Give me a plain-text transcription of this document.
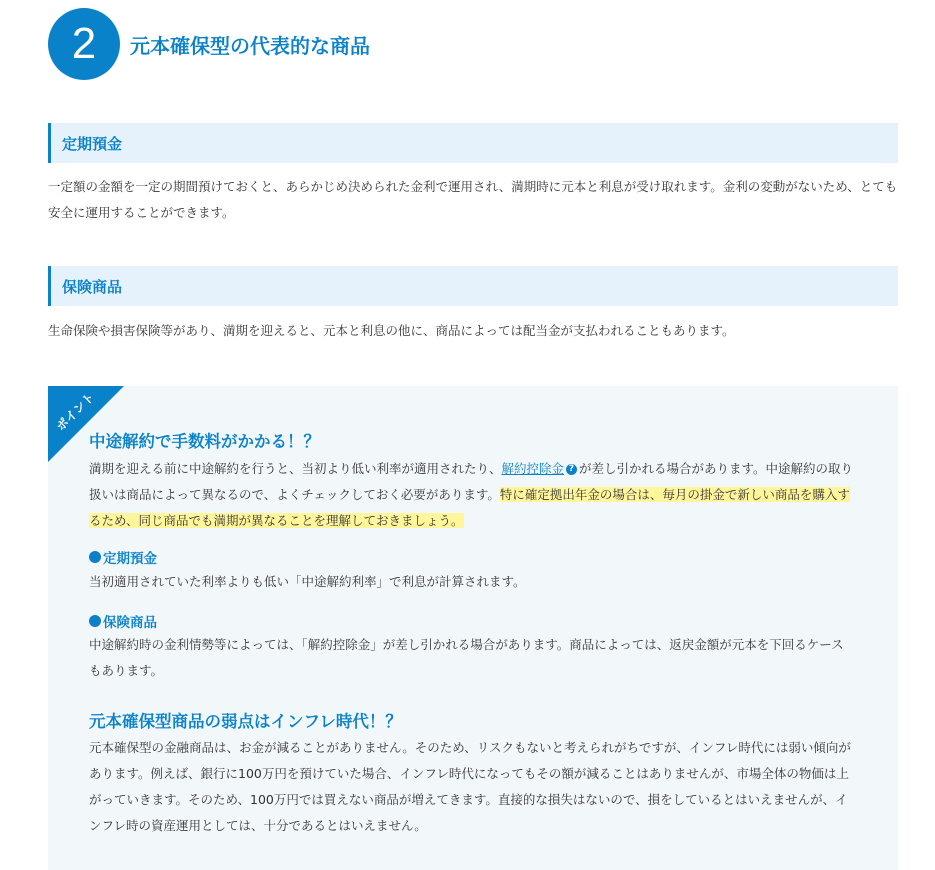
2	元本確保型の代表的な商品
定期預金
一定額の金額を一定の期間預けておくと、あらかじめ決められた金利で運用され、満期時に元本と利息が受け取れます。金利の変動がないため、とても
安全に運用することができます。
保険商品
生命保険や損害保険等があり、満期を迎えると、元本と利息の他に、商品によっては配当金が支払われることもあります。
ポイント
中途解約で手数料がかかる！？
満期を迎える前に中途解約を行うと、当初より低い利率が適用されたり、解約控除金 ? が差し引かれる場合があります。中途解約の取り
扱いは商品によって異なるので、よくチェックしておく必要があります。特に確定拠出年金の場合は、毎月の掛金で新しい商品を購入す
るため、同じ商品でも満期が異なることを理解しておきましょう。
定期預金
当初適用されていた利率よりも低い「中途解約利率」で利息が計算されます。
保険商品
中途解約時の金利情勢等によっては、「解約控除金」が差し引かれる場合があります。商品によっては、返戻金額が元本を下回るケース
もあります。
元本確保型商品の弱点はインフレ時代！？
元本確保型の金融商品は、お金が減ることがありません。そのため、リスクもないと考えられがちですが、インフレ時代には弱い傾向が
あります。例えば、銀行に100万円を預けていた場合、インフレ時代になってもその額が減ることはありませんが、市場全体の物価は上
がっていきます。そのため、100万円では買えない商品が増えてきます。直接的な損失はないので、損をしているとはいえませんが、イ
ンフレ時の資産運用としては、十分であるとはいえません。
